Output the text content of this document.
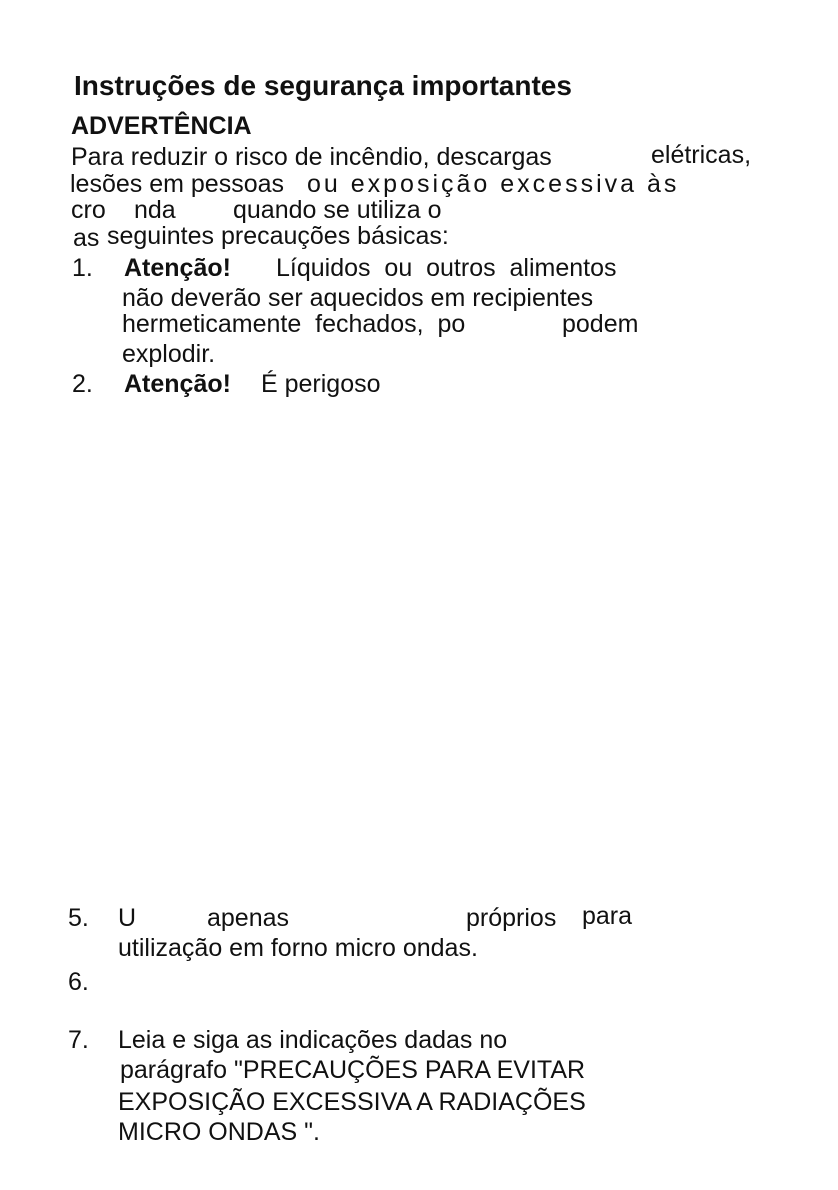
Instruções de segurança importantes
ADVERTÊNCIA
Para reduzir o risco de incêndio, descargas	elétricas,
lesões em pessoas ou exposição excessiva às
cro nda quando se utiliza o
as seguintes precauções básicas:
1. Atenção! Líquidos  ou  outros  alimentos
não deverão ser aquecidos em recipientes
hermeticamente  fechados,  po	podem
explodir.
2. Atenção! É perigoso
5. U	apenas	próprios para
utilização em forno micro ondas.
6.
7. Leia e siga as indicações dadas no
parágrafo "PRECAUÇÕES PARA EVITAR
EXPOSIÇÃO EXCESSIVA A RADIAÇÕES
MICRO ONDAS ".
